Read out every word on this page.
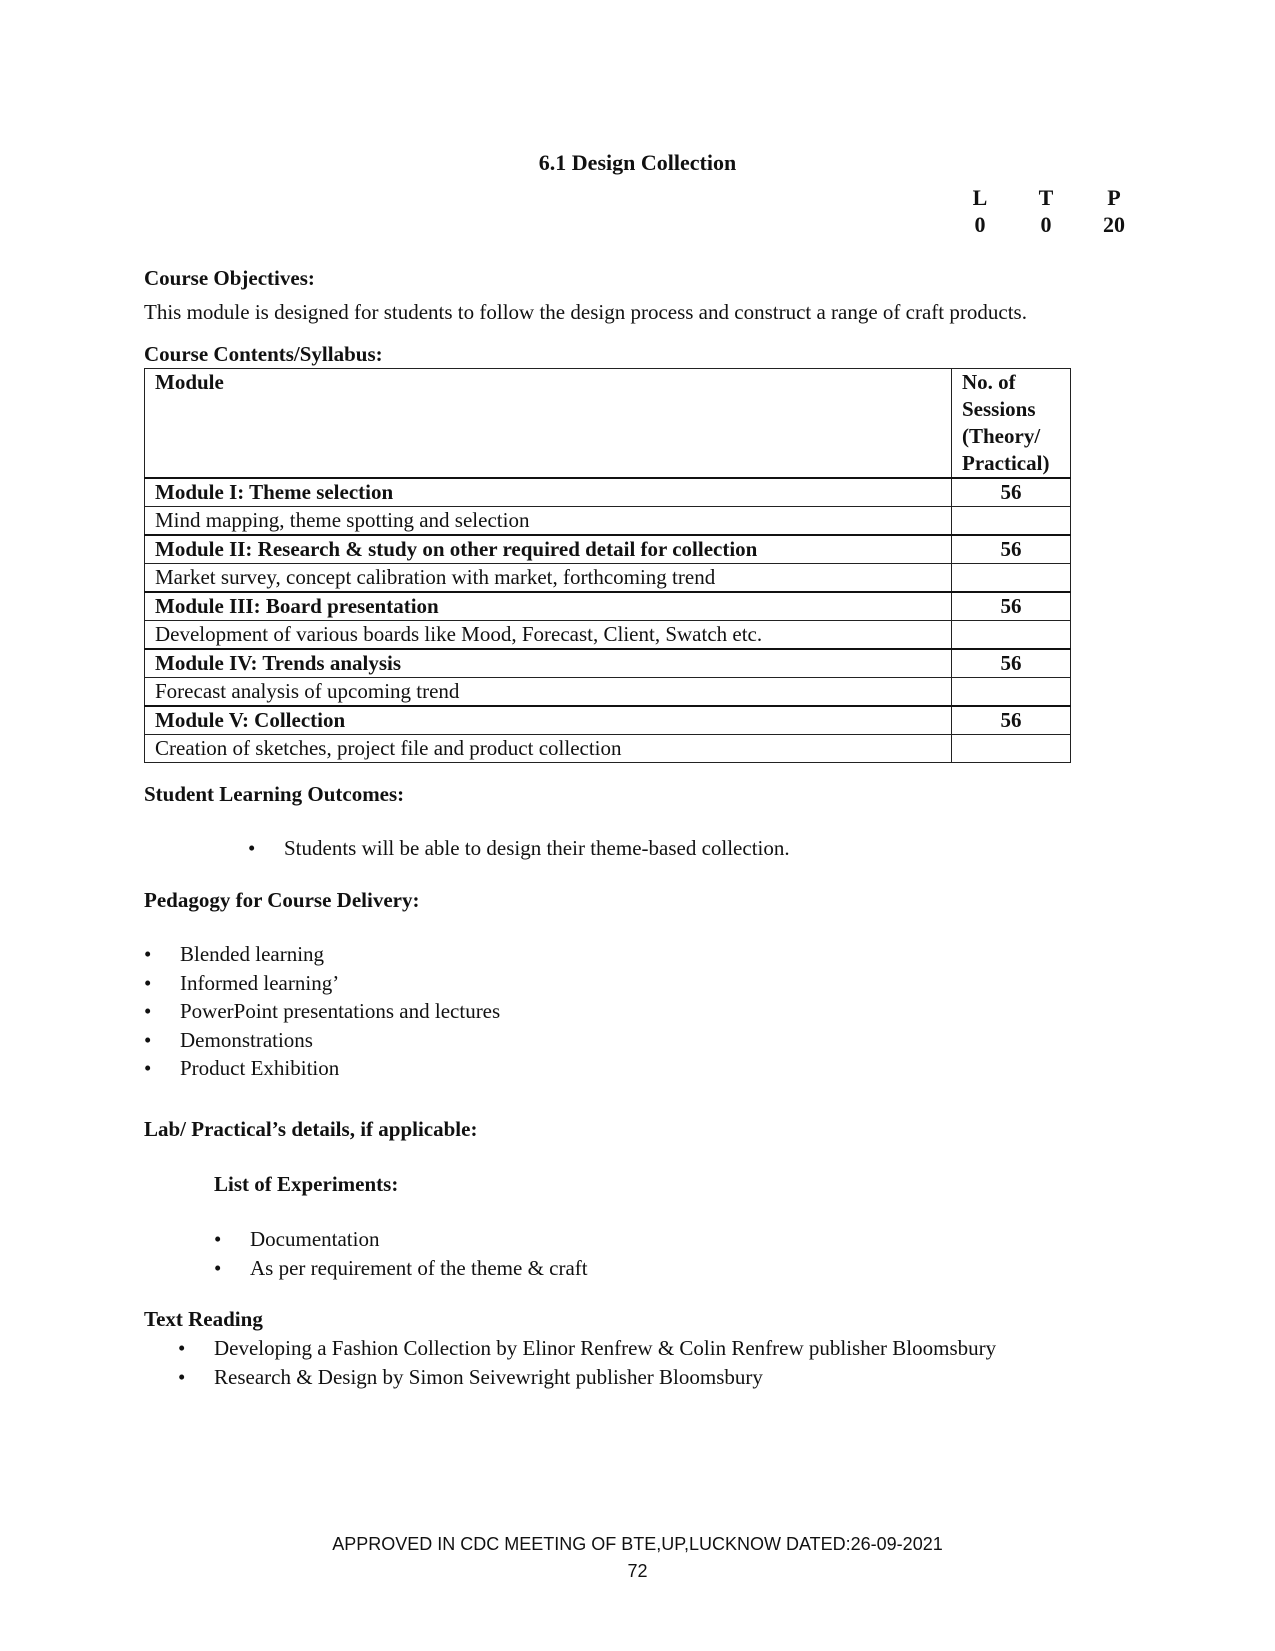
6.1 Design Collection
L	T	P
0	0	20
Course Objectives:
This module is designed for students to follow the design process and construct a range of craft products.
Course Contents/Syllabus:
Module	No. of Sessions (Theory/ Practical)
Module I: Theme selection	56
Mind mapping, theme spotting and selection	
Module II: Research & study on other required detail for collection	56
Market survey, concept calibration with market, forthcoming trend	
Module III: Board presentation	56
Development of various boards like Mood, Forecast, Client, Swatch etc.	
Module IV: Trends analysis	56
Forecast analysis of upcoming trend	
Module V: Collection	56
Creation of sketches, project file and product collection	
Student Learning Outcomes:
• Students will be able to design their theme-based collection.
Pedagogy for Course Delivery:
• Blended learning
• Informed learning’
• PowerPoint presentations and lectures
• Demonstrations
• Product Exhibition
Lab/ Practical’s details, if applicable:
List of Experiments:
• Documentation
• As per requirement of the theme & craft
Text Reading
• Developing a Fashion Collection by Elinor Renfrew & Colin Renfrew publisher Bloomsbury
• Research & Design by Simon Seivewright publisher Bloomsbury
APPROVED IN CDC MEETING OF BTE,UP,LUCKNOW DATED:26-09-2021
72
